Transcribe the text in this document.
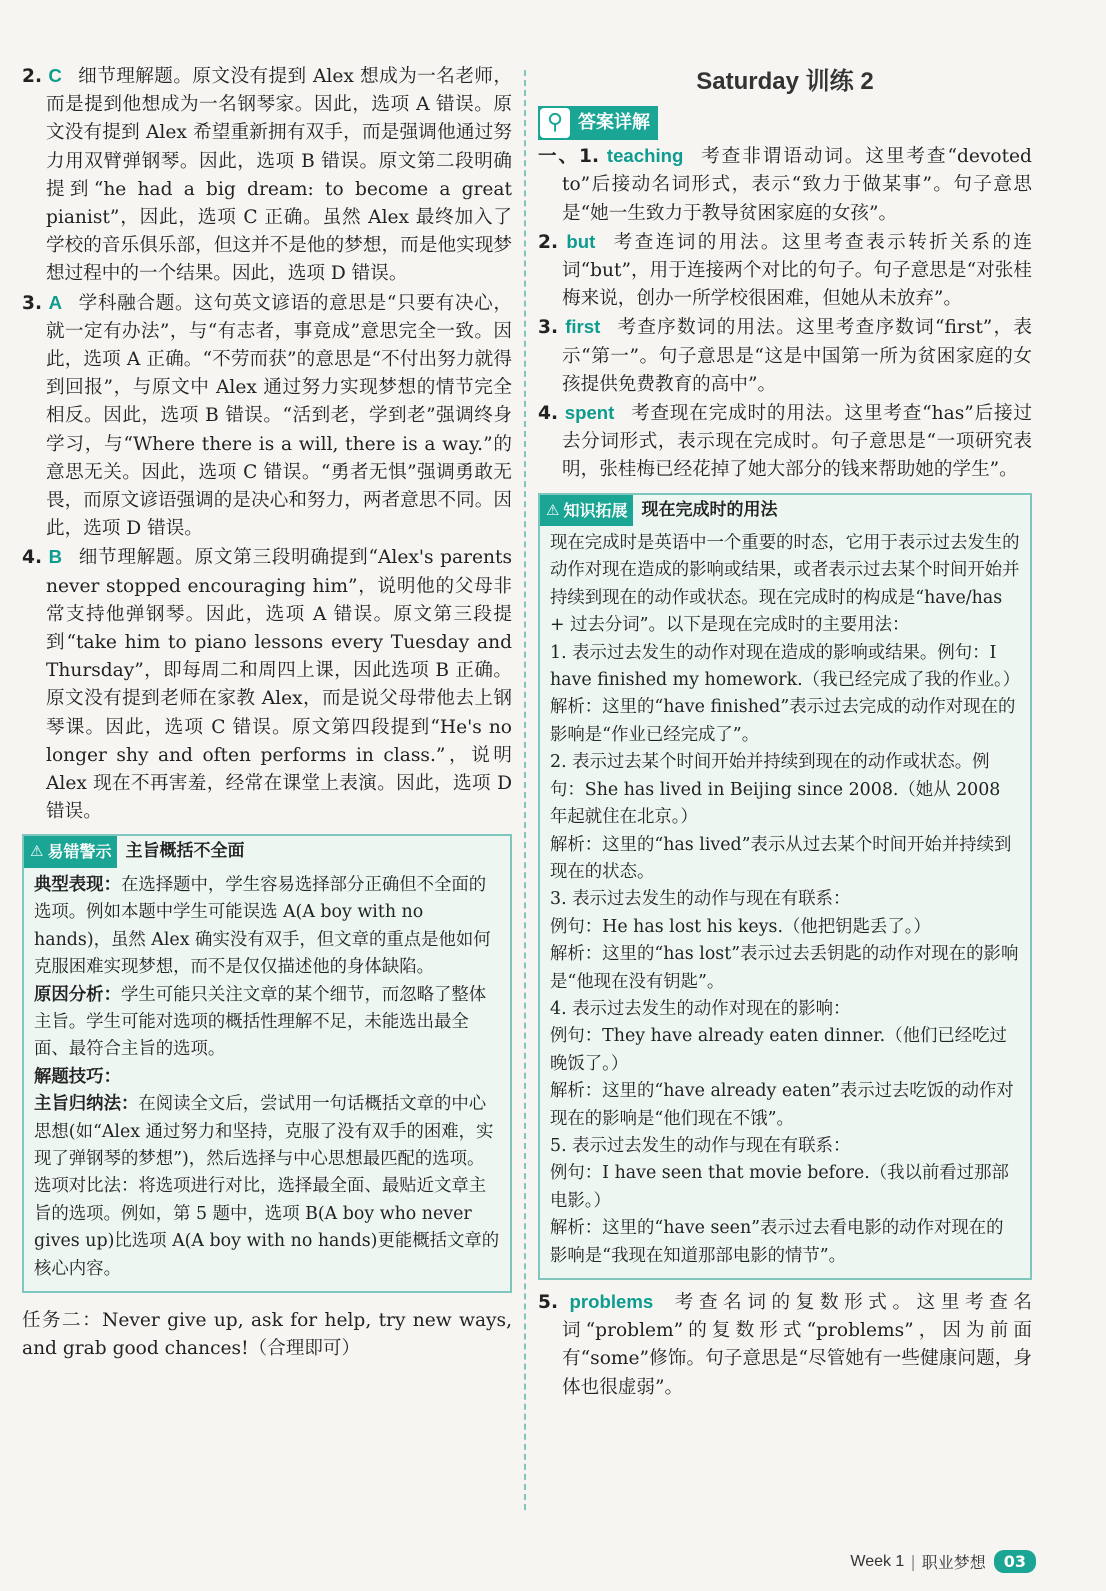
2. C 细节理解题。原文没有提到 Alex 想成为一名老师，而是提到他想成为一名钢琴家。因此，选项 A 错误。原文没有提到 Alex 希望重新拥有双手，而是强调他通过努力用双臂弹钢琴。因此，选项 B 错误。原文第二段明确提到“he had a big dream: to become a great pianist”，因此，选项 C 正确。虽然 Alex 最终加入了学校的音乐俱乐部，但这并不是他的梦想，而是他实现梦想过程中的一个结果。因此，选项 D 错误。

3. A 学科融合题。这句英文谚语的意思是“只要有决心，就一定有办法”，与“有志者，事竟成”意思完全一致。因此，选项 A 正确。“不劳而获”的意思是“不付出努力就得到回报”，与原文中 Alex 通过努力实现梦想的情节完全相反。因此，选项 B 错误。“活到老，学到老”强调终身学习，与“Where there is a will, there is a way.”的意思无关。因此，选项 C 错误。“勇者无惧”强调勇敢无畏，而原文谚语强调的是决心和努力，两者意思不同。因此，选项 D 错误。

4. B 细节理解题。原文第三段明确提到“Alex's parents never stopped encouraging him”，说明他的父母非常支持他弹钢琴。因此，选项 A 错误。原文第三段提到“take him to piano lessons every Tuesday and Thursday”，即每周二和周四上课，因此选项 B 正确。原文没有提到老师在家教 Alex，而是说父母带他去上钢琴课。因此，选项 C 错误。原文第四段提到“He's no longer shy and often performs in class.”，说明 Alex 现在不再害羞，经常在课堂上表演。因此，选项 D 错误。

⚠ 易错警示 主旨概括不全面
典型表现：在选择题中，学生容易选择部分正确但不全面的选项。例如本题中学生可能误选 A(A boy with no hands)，虽然 Alex 确实没有双手，但文章的重点是他如何克服困难实现梦想，而不是仅仅描述他的身体缺陷。
原因分析：学生可能只关注文章的某个细节，而忽略了整体主旨。学生可能对选项的概括性理解不足，未能选出最全面、最符合主旨的选项。
解题技巧：
主旨归纳法：在阅读全文后，尝试用一句话概括文章的中心思想(如“Alex 通过努力和坚持，克服了没有双手的困难，实现了弹钢琴的梦想”)，然后选择与中心思想最匹配的选项。
选项对比法：将选项进行对比，选择最全面、最贴近文章主旨的选项。例如，第 5 题中，选项 B(A boy who never gives up)比选项 A(A boy with no hands)更能概括文章的核心内容。

任务二：Never give up, ask for help, try new ways, and grab good chances!（合理即可）

Saturday 训练 2
⚲ 答案详解

一、1. teaching 考查非谓语动词。这里考查“devoted to”后接动名词形式，表示“致力于做某事”。句子意思是“她一生致力于教导贫困家庭的女孩”。

2. but 考查连词的用法。这里考查表示转折关系的连词“but”，用于连接两个对比的句子。句子意思是“对张桂梅来说，创办一所学校很困难，但她从未放弃”。

3. first 考查序数词的用法。这里考查序数词“first”，表示“第一”。句子意思是“这是中国第一所为贫困家庭的女孩提供免费教育的高中”。

4. spent 考查现在完成时的用法。这里考查“has”后接过去分词形式，表示现在完成时。句子意思是“一项研究表明，张桂梅已经花掉了她大部分的钱来帮助她的学生”。

⚠ 知识拓展 现在完成时的用法
现在完成时是英语中一个重要的时态，它用于表示过去发生的动作对现在造成的影响或结果，或者表示过去某个时间开始并持续到现在的动作或状态。现在完成时的构成是“have/has + 过去分词”。以下是现在完成时的主要用法：
1. 表示过去发生的动作对现在造成的影响或结果。例句：I have finished my homework.（我已经完成了我的作业。）
解析：这里的“have finished”表示过去完成的动作对现在的影响是“作业已经完成了”。
2. 表示过去某个时间开始并持续到现在的动作或状态。例句：She has lived in Beijing since 2008.（她从 2008 年起就住在北京。）
解析：这里的“has lived”表示从过去某个时间开始并持续到现在的状态。
3. 表示过去发生的动作与现在有联系：
例句：He has lost his keys.（他把钥匙丢了。）
解析：这里的“has lost”表示过去丢钥匙的动作对现在的影响是“他现在没有钥匙”。
4. 表示过去发生的动作对现在的影响：
例句：They have already eaten dinner.（他们已经吃过晚饭了。）
解析：这里的“have already eaten”表示过去吃饭的动作对现在的影响是“他们现在不饿”。
5. 表示过去发生的动作与现在有联系：
例句：I have seen that movie before.（我以前看过那部电影。）
解析：这里的“have seen”表示过去看电影的动作对现在的影响是“我现在知道那部电影的情节”。

5. problems 考查名词的复数形式。这里考查名词“problem”的复数形式“problems”，因为前面有“some”修饰。句子意思是“尽管她有一些健康问题，身体也很虚弱”。

Week 1 | 职业梦想	03
